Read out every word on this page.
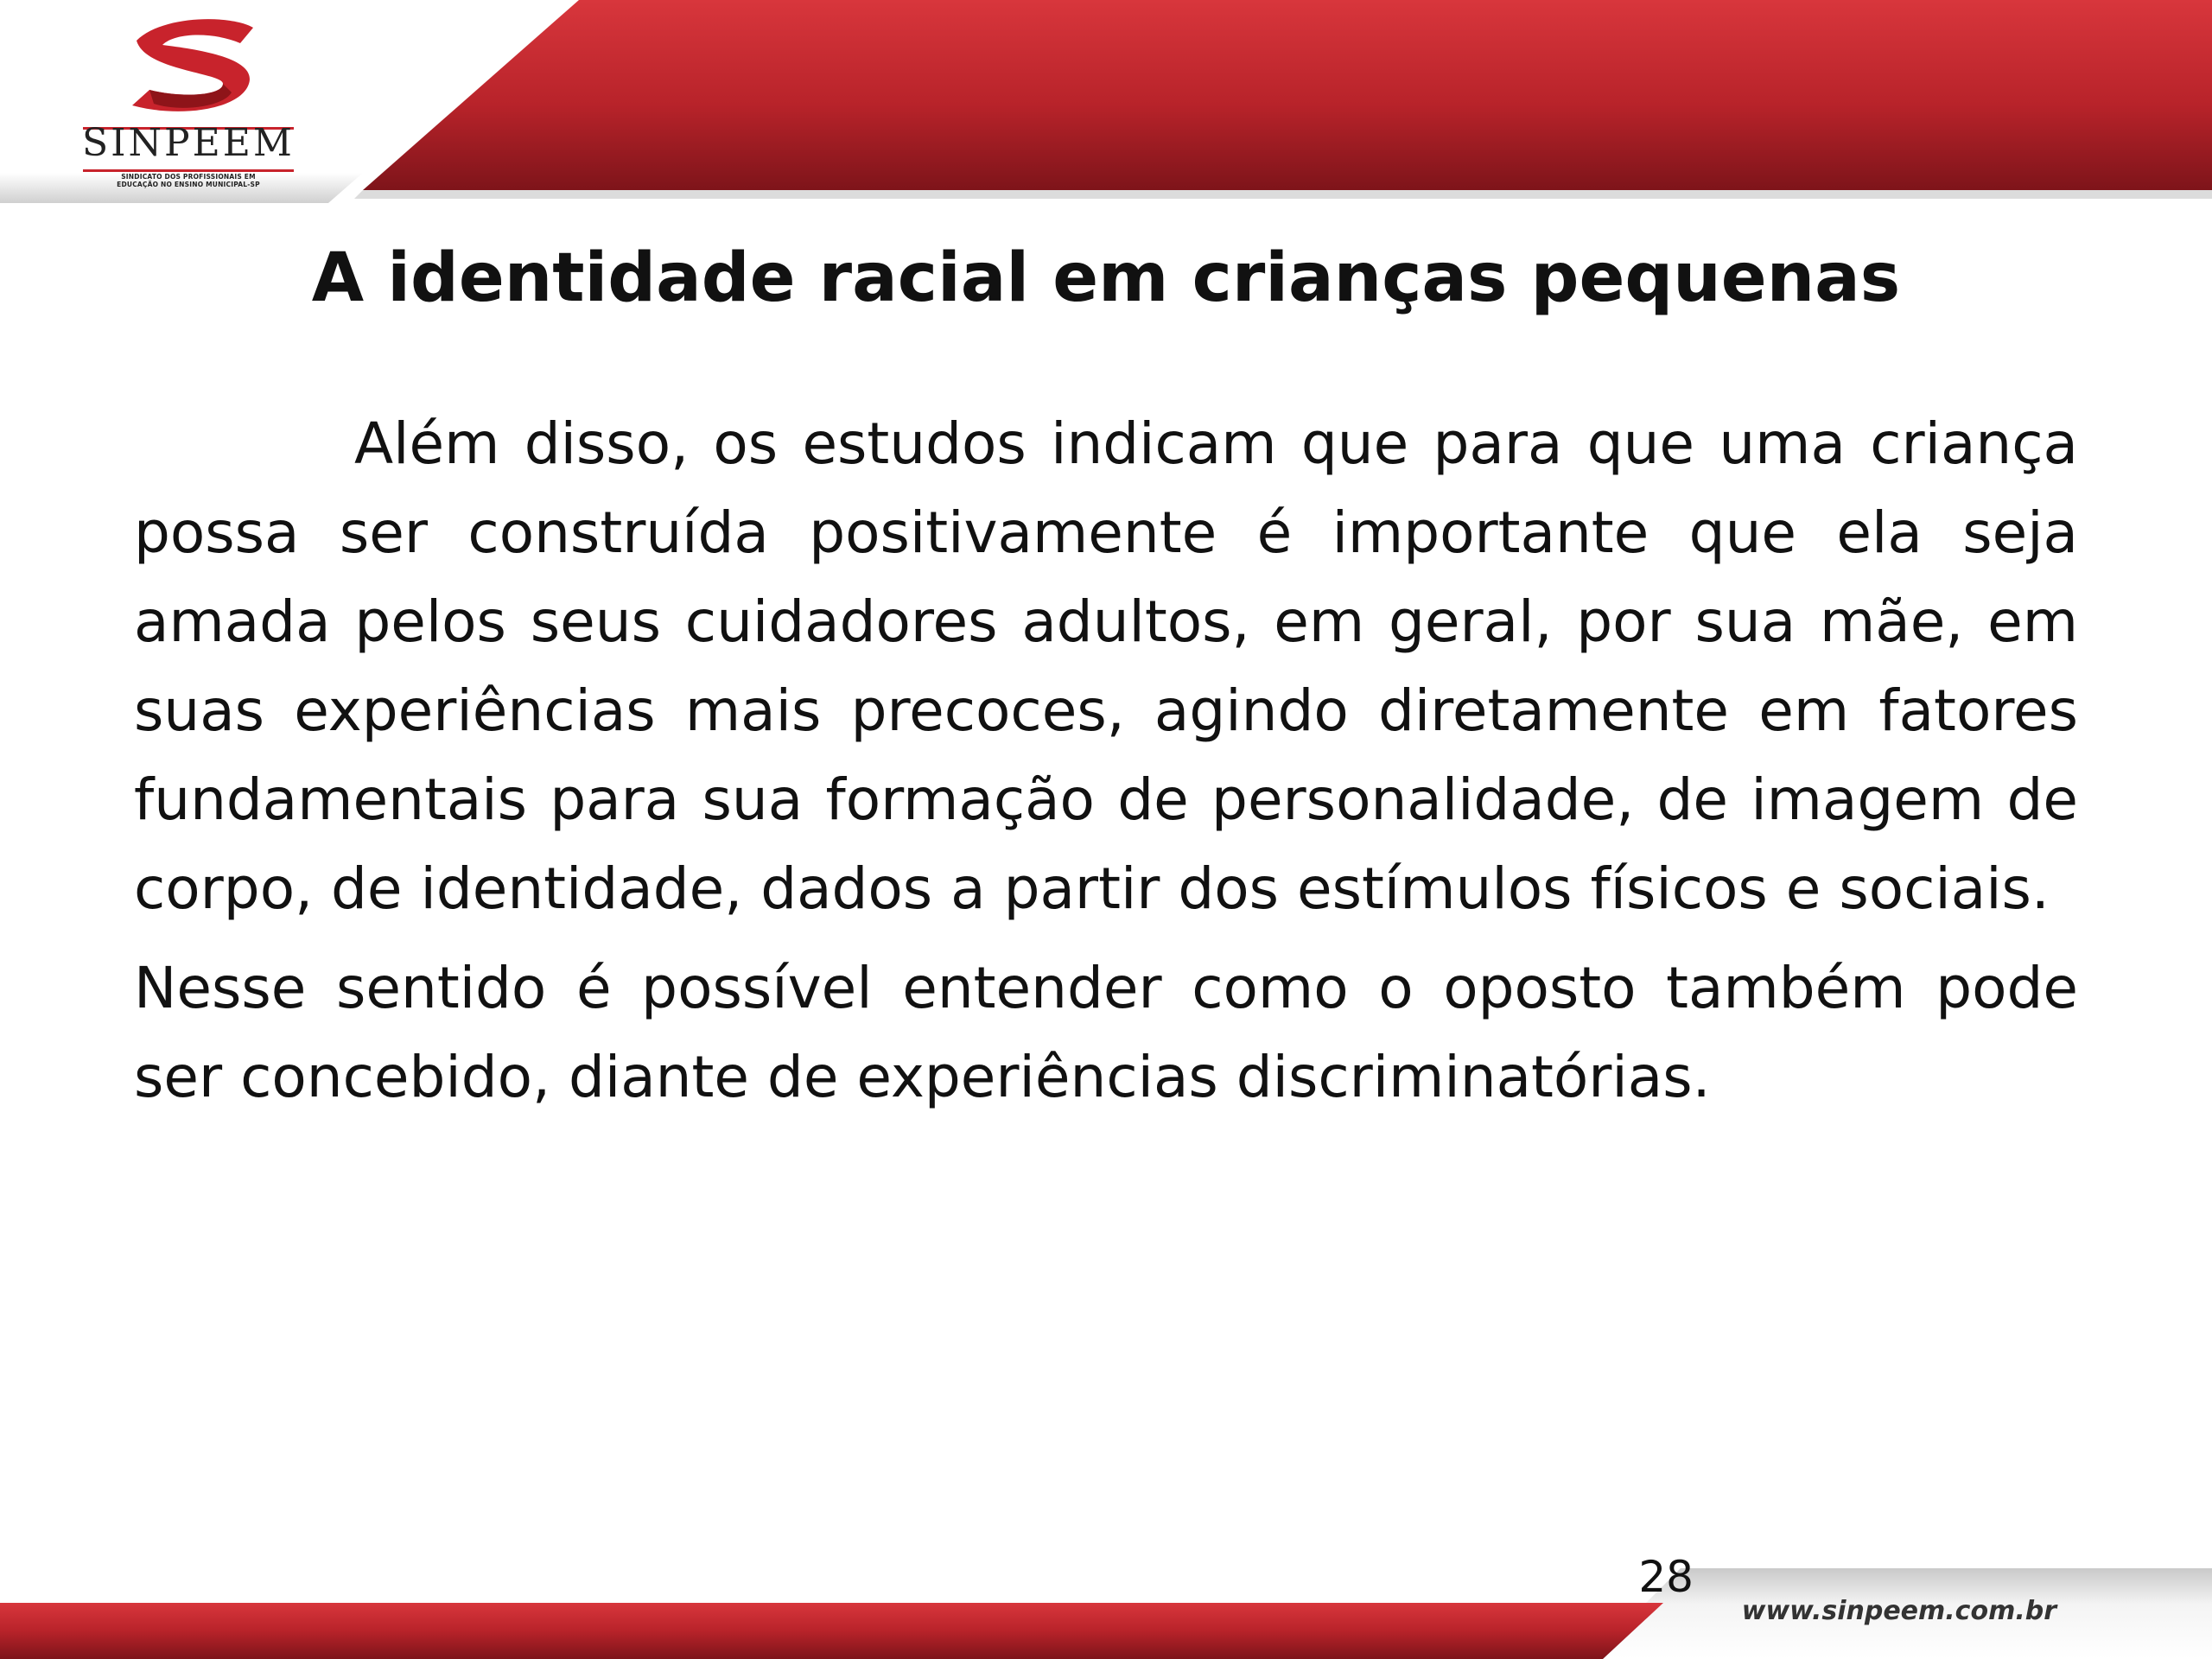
SINPEEM
SINDICATO DOS PROFISSIONAIS EM
EDUCAÇÃO NO ENSINO MUNICIPAL-SP
A identidade racial em crianças pequenas

Além disso, os estudos indicam que para que uma criança possa ser construída positivamente é importante que ela seja amada pelos seus cuidadores adultos, em geral, por sua mãe, em suas experiências mais precoces, agindo diretamente em fatores fundamentais para sua formação de personalidade, de imagem de corpo, de identidade, dados a partir dos estímulos físicos e sociais.

Nesse sentido é possível entender como o oposto também pode ser concebido, diante de experiências discriminatórias.

28
www.sinpeem.com.br
